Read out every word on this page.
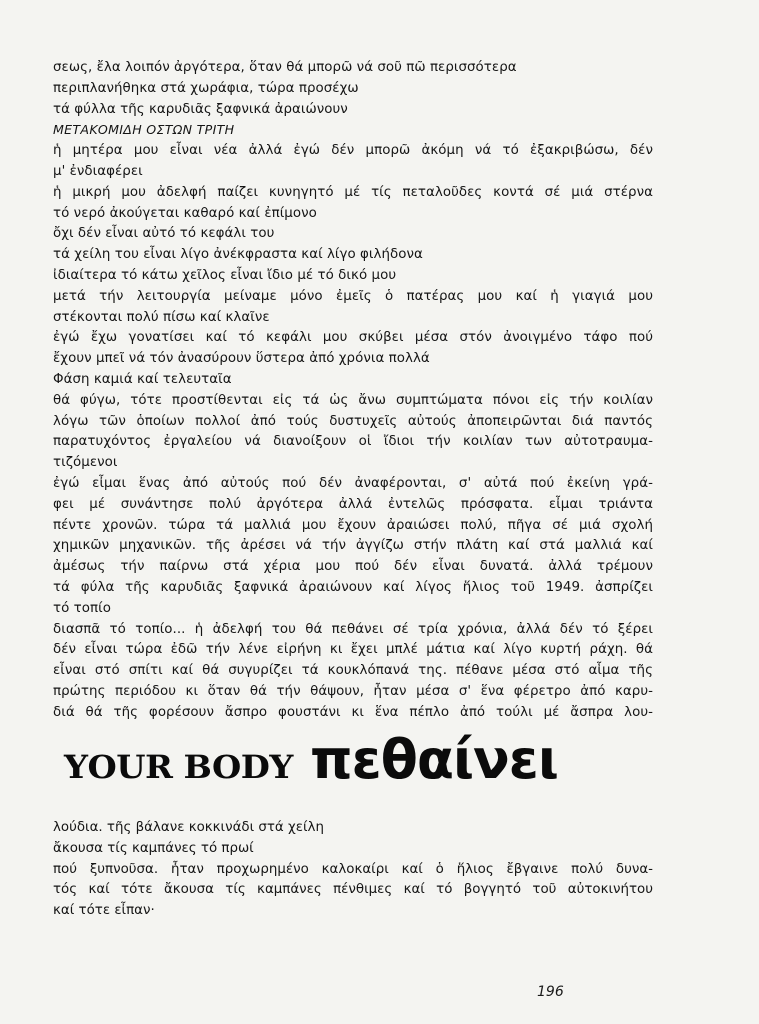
σεως, ἔλα λοιπόν ἀργότερα, ὅταν θά μπορῶ νά σοῦ πῶ περισσότερα

περιπλανήθηκα στά χωράφια, τώρα προσέχω

τά φύλλα τῆς καρυδιᾶς ξαφνικά ἀραιώνουν

ΜΕΤΑΚΟΜΙΔΗ ΟΣΤΩΝ ΤΡΙΤΗ

ἡ μητέρα μου εἶναι νέα ἀλλά ἐγώ δέν μπορῶ ἀκόμη νά τό ἐξακριβώσω, δέν

μ' ἐνδιαφέρει

ἡ μικρή μου ἀδελφή παίζει κυνηγητό μέ τίς πεταλοῦδες κοντά σέ μιά στέρνα

τό νερό ἀκούγεται καθαρό καί ἐπίμονο

ὄχι δέν εἶναι αὐτό τό κεφάλι του

τά χείλη του εἶναι λίγο ἀνέκφραστα καί λίγο φιλήδονα

ἰδιαίτερα τό κάτω χεῖλος εἶναι ἴδιο μέ τό δικό μου

μετά τήν λειτουργία μείναμε μόνο ἐμεῖς ὁ πατέρας μου καί ἡ γιαγιά μου

στέκονται πολύ πίσω καί κλαῖνε

ἐγώ ἔχω γονατίσει καί τό κεφάλι μου σκύβει μέσα στόν ἀνοιγμένο τάφο πού

ἔχουν μπεῖ νά τόν ἀνασύρουν ὕστερα ἀπό χρόνια πολλά

Φάση καμιά καί τελευταῖα

θά φύγω, τότε προστίθενται εἰς τά ὡς ἄνω συμπτώματα πόνοι εἰς τήν κοιλίαν

λόγω τῶν ὁποίων πολλοί ἀπό τούς δυστυχεῖς αὐτούς ἀποπειρῶνται διά παντός

παρατυχόντος ἐργαλείου νά διανοίξουν οἱ ἴδιοι τήν κοιλίαν των αὐτοτραυμα-

τιζόμενοι

ἐγώ εἶμαι ἕνας ἀπό αὐτούς πού δέν ἀναφέρονται, σ' αὐτά πού ἐκείνη γρά-

φει μέ συνάντησε πολύ ἀργότερα ἀλλά ἐντελῶς πρόσφατα. εἶμαι τριάντα

πέντε χρονῶν. τώρα τά μαλλιά μου ἔχουν ἀραιώσει πολύ, πῆγα σέ μιά σχολή

χημικῶν μηχανικῶν. τῆς ἀρέσει νά τήν ἀγγίζω στήν πλάτη καί στά μαλλιά καί

ἀμέσως τήν παίρνω στά χέρια μου πού δέν εἶναι δυνατά. ἀλλά τρέμουν

τά φύλα τῆς καρυδιᾶς ξαφνικά ἀραιώνουν καί λίγος ἥλιος τοῦ 1949. ἀσπρίζει

τό τοπίο

διασπᾶ τό τοπίο... ἡ ἀδελφή του θά πεθάνει σέ τρία χρόνια, ἀλλά δέν τό ξέρει

δέν εἶναι τώρα ἐδῶ τήν λένε εἰρήνη κι ἔχει μπλέ μάτια καί λίγο κυρτή ράχη. θά

εἶναι στό σπίτι καί θά συγυρίζει τά κουκλόπανά της. πέθανε μέσα στό αἷμα τῆς

πρώτης περιόδου κι ὅταν θά τήν θάψουν, ἦταν μέσα σ' ἕνα φέρετρο ἀπό καρυ-

διά θά τῆς φορέσουν ἄσπρο φουστάνι κι ἕνα πέπλο ἀπό τούλι μέ ἄσπρα λου-

YOUR BODY πεθαίνει

λούδια. τῆς βάλανε κοκκινάδι στά χείλη

ἄκουσα τίς καμπάνες τό πρωί

πού ξυπνοῦσα. ἦταν προχωρημένο καλοκαίρι καί ὁ ἥλιος ἔβγαινε πολύ δυνα-

τός καί τότε ἄκουσα τίς καμπάνες πένθιμες καί τό βογγητό τοῦ αὐτοκινήτου

καί τότε εἶπαν·

196
